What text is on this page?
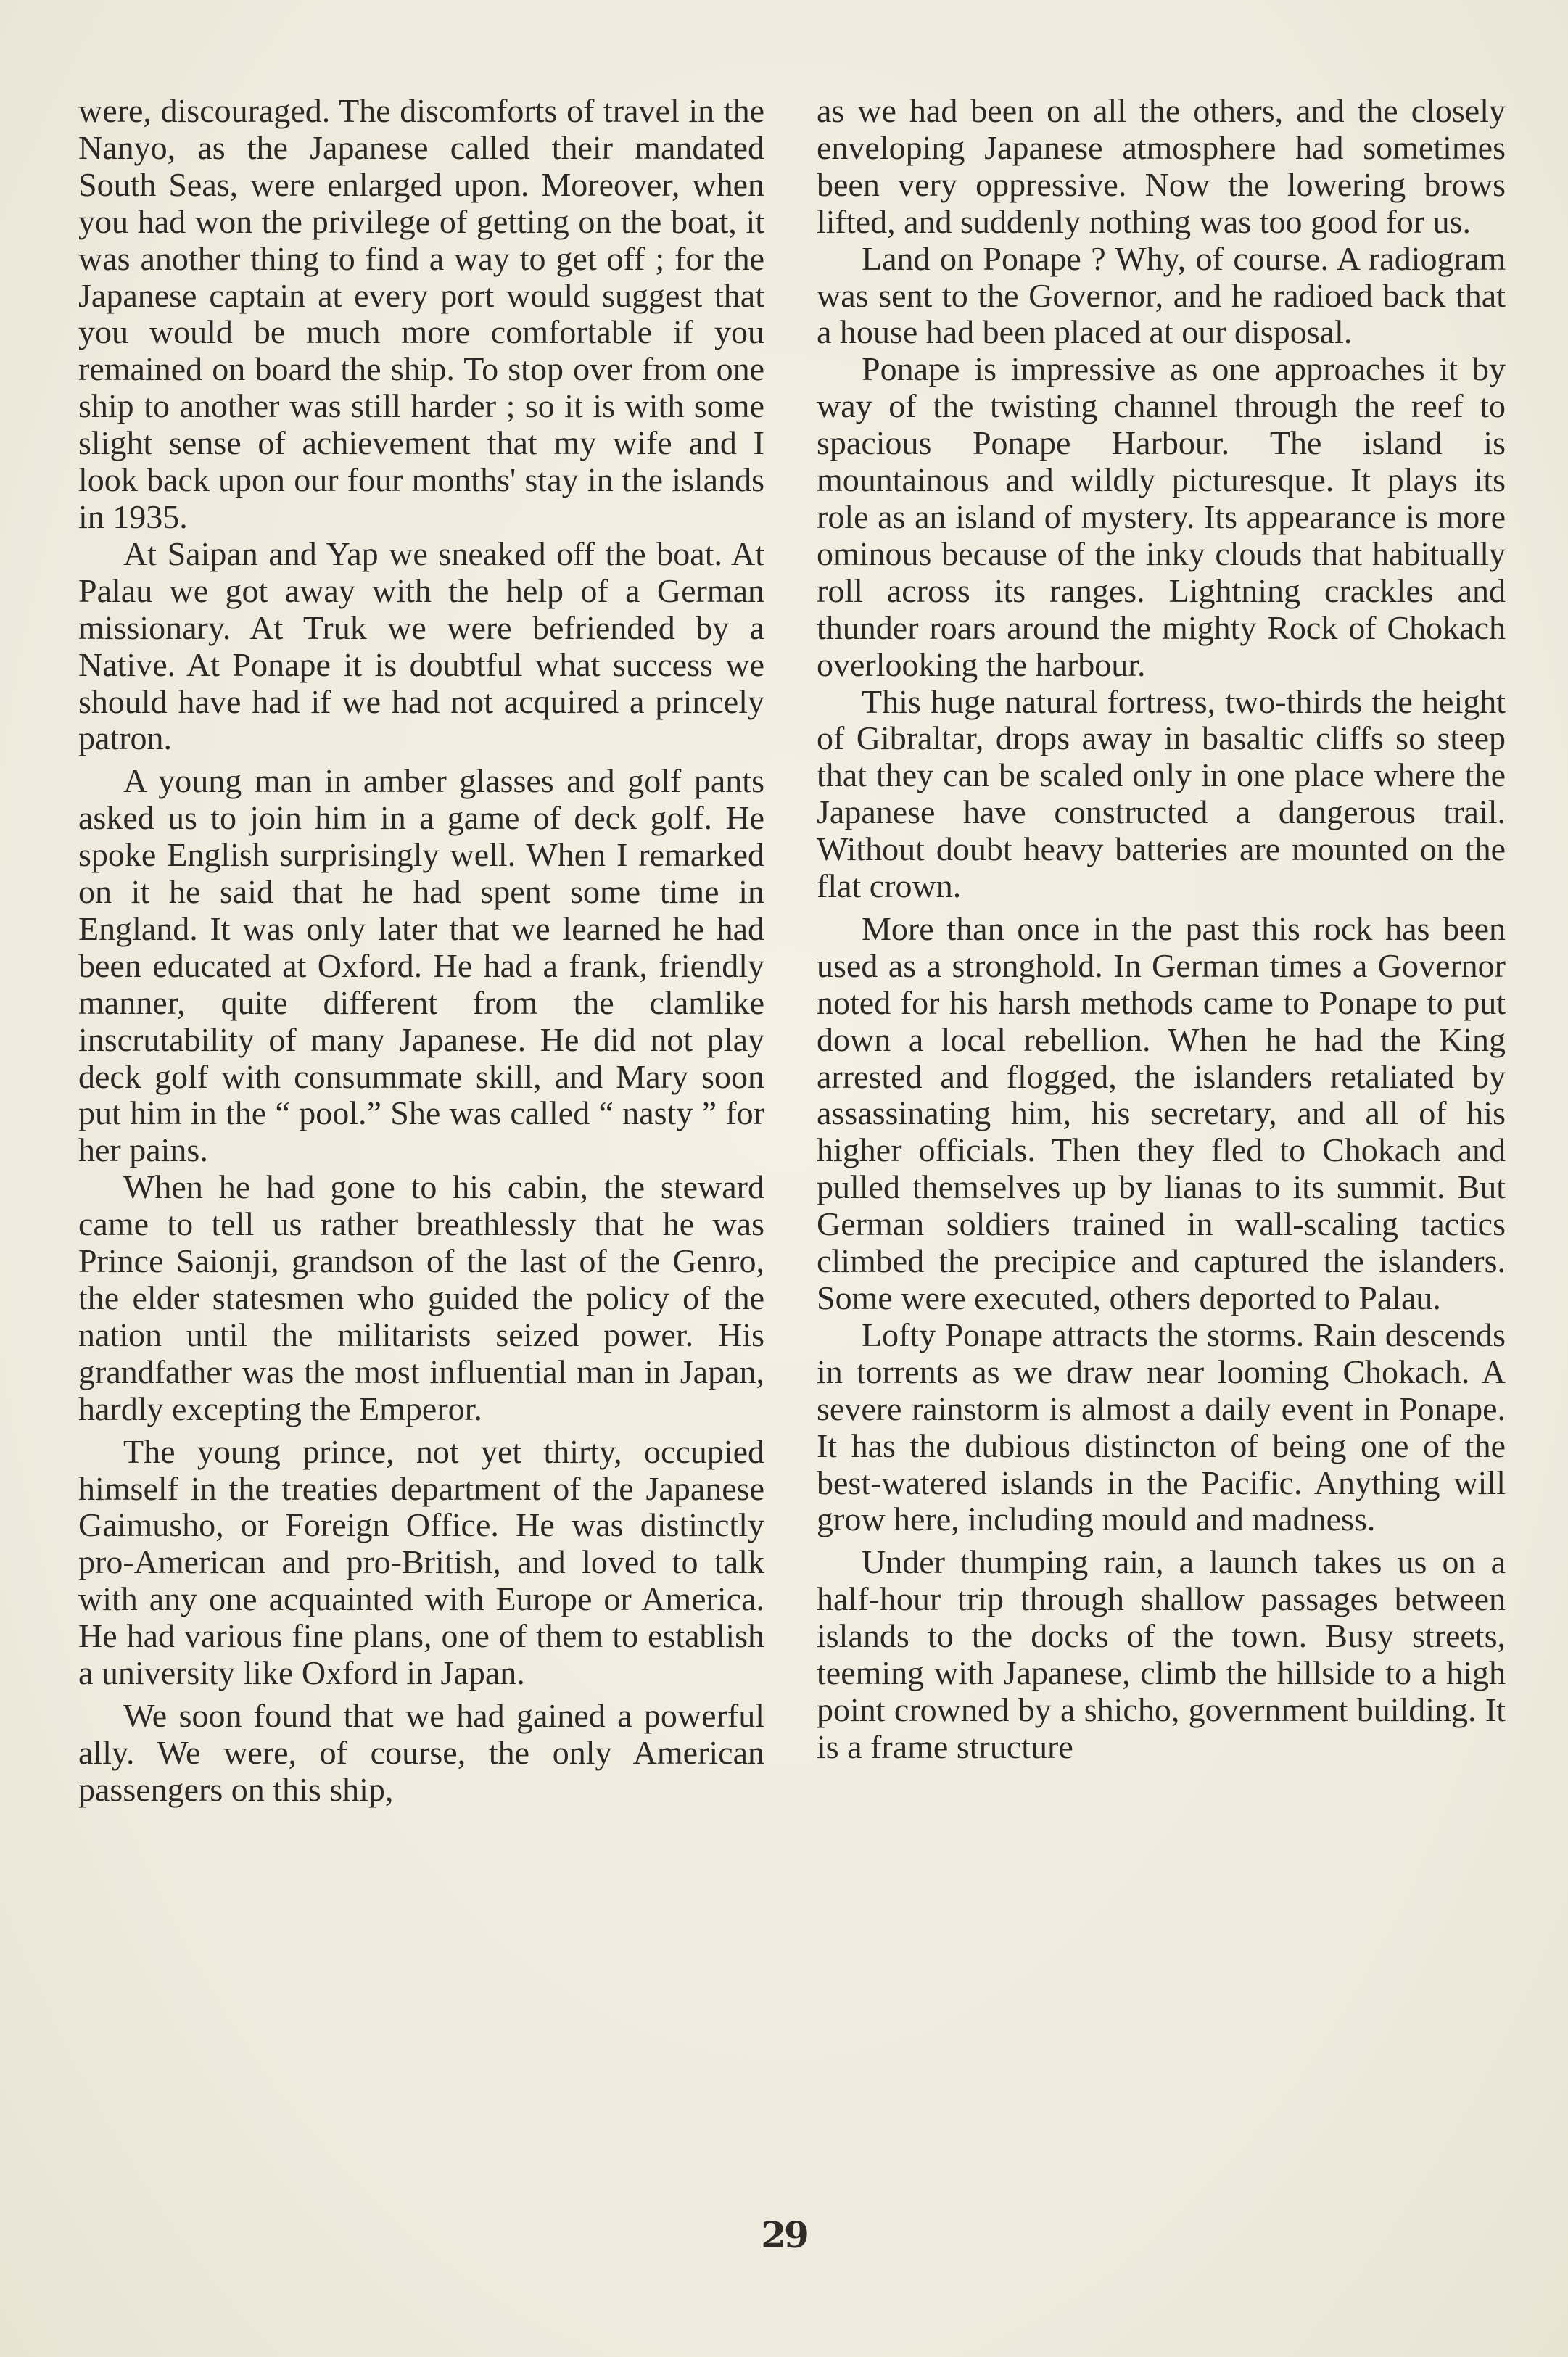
were, discouraged. The discomforts of travel in the Nanyo, as the Japanese called their mandated South Seas, were enlarged upon. Moreover, when you had won the privilege of getting on the boat, it was another thing to find a way to get off ; for the Japanese captain at every port would suggest that you would be much more comfortable if you remained on board the ship. To stop over from one ship to another was still harder ; so it is with some slight sense of achievement that my wife and I look back upon our four months' stay in the islands in 1935.

At Saipan and Yap we sneaked off the boat. At Palau we got away with the help of a German missionary. At Truk we were befriended by a Native. At Ponape it is doubtful what success we should have had if we had not acquired a princely patron.

A young man in amber glasses and golf pants asked us to join him in a game of deck golf. He spoke English surprisingly well. When I remarked on it he said that he had spent some time in England. It was only later that we learned he had been educated at Oxford. He had a frank, friendly manner, quite different from the clamlike inscrutability of many Japanese. He did not play deck golf with consummate skill, and Mary soon put him in the “ pool.” She was called “ nasty ” for her pains.

When he had gone to his cabin, the steward came to tell us rather breathlessly that he was Prince Saionji, grandson of the last of the Genro, the elder statesmen who guided the policy of the nation until the militarists seized power. His grandfather was the most influential man in Japan, hardly excepting the Emperor.

The young prince, not yet thirty, occupied himself in the treaties department of the Japanese Gaimusho, or Foreign Office. He was distinctly pro-American and pro-British, and loved to talk with any one acquainted with Europe or America. He had various fine plans, one of them to establish a university like Oxford in Japan.

We soon found that we had gained a powerful ally. We were, of course, the only American passengers on this ship,

as we had been on all the others, and the closely enveloping Japanese atmosphere had sometimes been very oppressive. Now the lowering brows lifted, and suddenly nothing was too good for us.

Land on Ponape ? Why, of course. A radiogram was sent to the Governor, and he radioed back that a house had been placed at our disposal.

Ponape is impressive as one approaches it by way of the twisting channel through the reef to spacious Ponape Harbour. The island is mountainous and wildly picturesque. It plays its role as an island of mystery. Its appearance is more ominous because of the inky clouds that habitually roll across its ranges. Lightning crackles and thunder roars around the mighty Rock of Chokach overlooking the harbour.

This huge natural fortress, two-thirds the height of Gibraltar, drops away in basaltic cliffs so steep that they can be scaled only in one place where the Japanese have constructed a dangerous trail. Without doubt heavy batteries are mounted on the flat crown.

More than once in the past this rock has been used as a stronghold. In German times a Governor noted for his harsh methods came to Ponape to put down a local rebellion. When he had the King arrested and flogged, the islanders retaliated by assassinating him, his secretary, and all of his higher officials. Then they fled to Chokach and pulled themselves up by lianas to its summit. But German soldiers trained in wall-scaling tactics climbed the precipice and captured the islanders. Some were executed, others deported to Palau.

Lofty Ponape attracts the storms. Rain descends in torrents as we draw near looming Chokach. A severe rainstorm is almost a daily event in Ponape. It has the dubious distincton of being one of the best-watered islands in the Pacific. Anything will grow here, including mould and madness.

Under thumping rain, a launch takes us on a half-hour trip through shallow passages between islands to the docks of the town. Busy streets, teeming with Japanese, climb the hillside to a high point crowned by a shicho, government building. It is a frame structure

29
